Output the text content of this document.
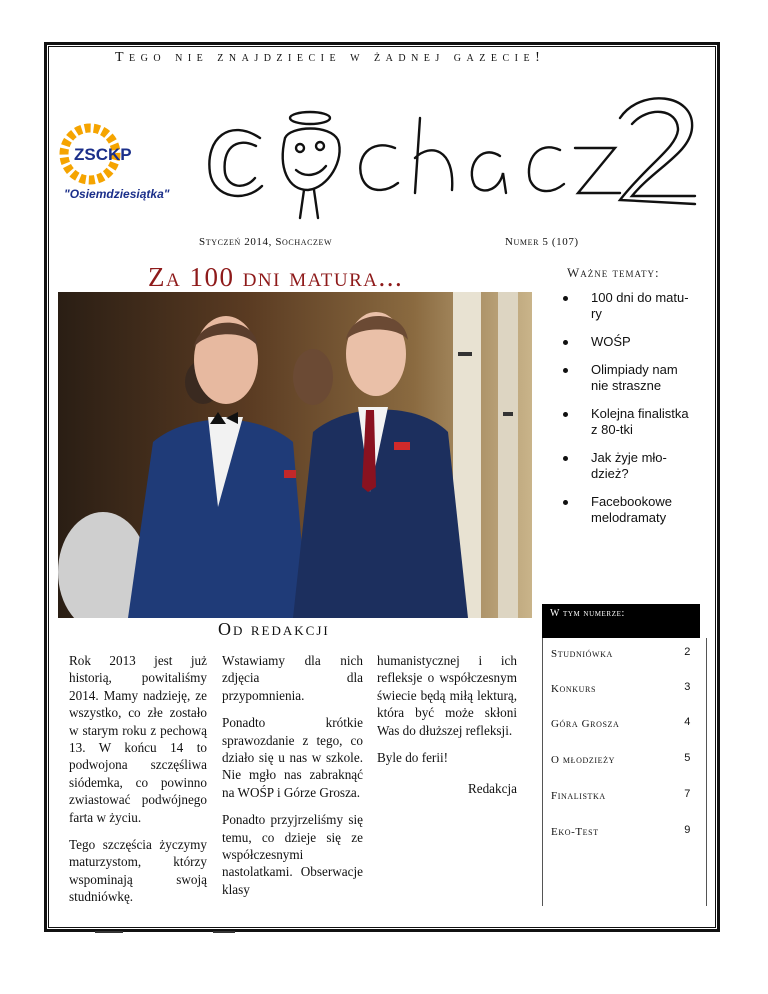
Tego nie znajdziecie w żadnej gazecie!
ZSCKP
"Osiemdziesiątka"
Styczeń 2014, Sochaczew	Numer 5 (107)
Za 100 dni matura...	Ważne tematy:
100 dni do matu-
ry
WOŚP
Olimpiady nam
nie straszne
Kolejna finalistka
z 80-tki
Jak żyje mło-
dzież?
Facebookowe
melodramaty
W tym numerze:
Studniówka	2
Konkurs	3
Góra Grosza	4
O młodzieży	5
Finalistka	7
Eko-Test	9
Od redakcji

Rok 2013 jest już historią, powitaliśmy 2014. Mamy nadzieję, ze wszystko, co złe zostało w starym roku z pechową 13. W końcu 14 to podwojona szczęśliwa siódemka, co powinno zwiastować podwójnego farta w życiu.

Tego szczęścia życzymy maturzystom, którzy wspominają swoją studniówkę.

Wstawiamy dla nich zdjęcia dla przypomnienia.

Ponadto krótkie sprawozdanie z tego, co działo się u nas w szkole. Nie mgło nas zabraknąć na WOŚP i Górze Grosza.

Ponadto przyjrzeliśmy się temu, co dzieje się ze współczesnymi nastolatkami. Obserwacje klasy

humanistycznej i ich refleksje o współczesnym świecie będą miłą lekturą, która być może skłoni Was do dłuższej refleksji.

Byle do ferii!

Redakcja
